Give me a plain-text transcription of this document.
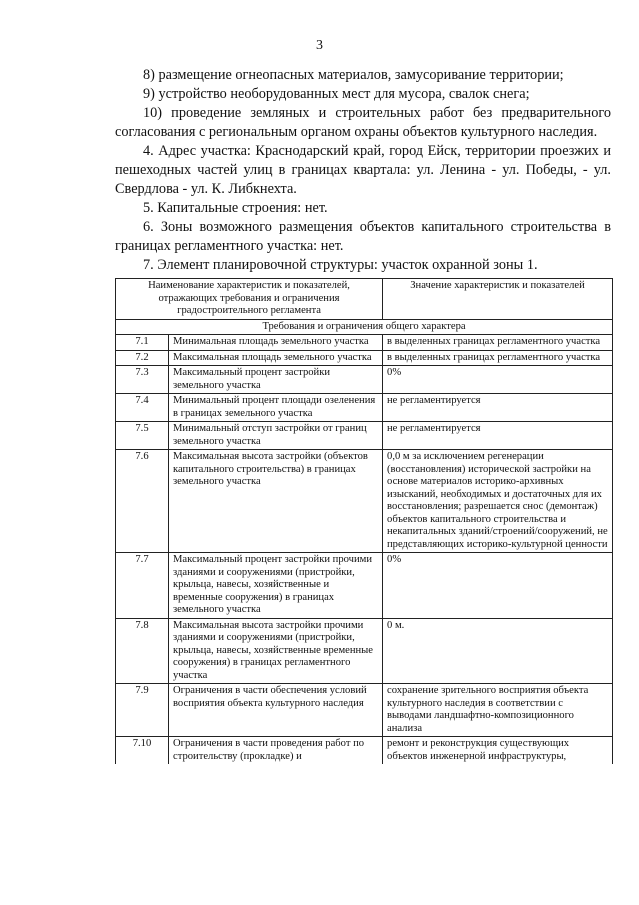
3

8) размещение огнеопасных материалов, замусоривание территории;

9) устройство необорудованных мест для мусора, свалок снега;

10) проведение земляных и строительных работ без предварительного согласования с региональным органом охраны объектов культурного наследия.

4. Адрес участка: Краснодарский край, город Ейск, территории проезжих и пешеходных частей улиц в границах квартала: ул. Ленина - ул. Победы, - ул. Свердлова - ул. К. Либкнехта.

5. Капитальные строения: нет.

6. Зоны возможного размещения объектов капитального строительства в границах регламентного участка: нет.

7. Элемент планировочной структуры: участок охранной зоны 1.

Наименование характеристик и показателей, отражающих требования и ограничения градостроительного регламента		Значение характеристик и показателей
Требования и ограничения общего характера		
7.1	Минимальная площадь земельного участка	в выделенных границах регламентного участка
7.2	Максимальная площадь земельного участка	в выделенных границах регламентного участка
7.3	Максимальный процент застройки земельного участка	0%
7.4	Минимальный процент площади озеленения в границах земельного участка	не регламентируется
7.5	Минимальный отступ застройки от границ земельного участка	не регламентируется
7.6	Максимальная высота застройки (объектов капитального строительства) в границах земельного участка	0,0 м за исключением регенерации (восстановления) исторической застройки на основе материалов историко-архивных изысканий, необходимых и достаточных для их восстановления; разрешается снос (демонтаж) объектов капитального строительства и некапитальных зданий/строений/сооружений, не представляющих историко-культурной ценности
7.7	Максимальный процент застройки прочими зданиями и сооружениями (пристройки, крыльца, навесы, хозяйственные и временные сооружения) в границах земельного участка	0%
7.8	Максимальная высота застройки прочими зданиями и сооружениями (пристройки, крыльца, навесы, хозяйственные временные сооружения) в границах регламентного участка	0 м.
7.9	Ограничения в части обеспечения условий восприятия объекта культурного наследия	сохранение зрительного восприятия объекта культурного наследия в соответствии с выводами ландшафтно-композиционного анализа
7.10	Ограничения в части проведения работ по строительству (прокладке) и	ремонт и реконструкция существующих объектов инженерной инфраструктуры,
